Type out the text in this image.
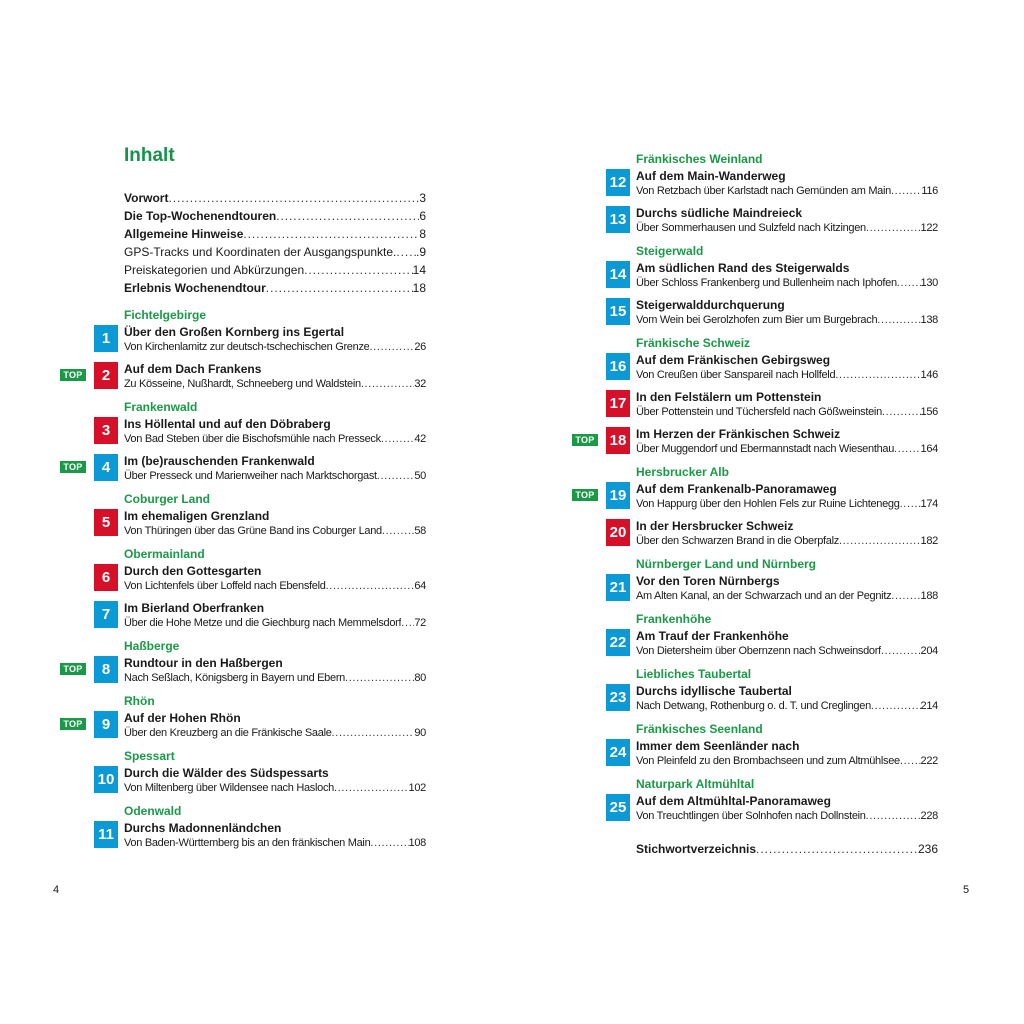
Inhalt
Vorwort . . .	3
Die Top-Wochenendtouren . . .	6
Allgemeine Hinweise . . .	8
GPS-Tracks und Koordinaten der Ausgangspunkte. . . . .9
Preiskategorien und Abkürzungen . . .	14
Erlebnis Wochenendtour . . .	18
Fichtelgebirge
1	Über den Großen Kornberg ins Egertal
Von Kirchenlamitz zur deutsch-tschechischen Grenze . . .	26
TOP	2	Auf dem Dach Frankens
Zu Kösseine, Nußhardt, Schneeberg und Waldstein . . .	32
Frankenwald
3	Ins Höllental und auf den Döbraberg
Von Bad Steben über die Bischofsmühle nach Presseck . . .	42
TOP	4	Im (be)rauschenden Frankenwald
Über Presseck und Marienweiher nach Marktschorgast . . .	50
Coburger Land
5	Im ehemaligen Grenzland
Von Thüringen über das Grüne Band ins Coburger Land . . .	58
Obermainland
6	Durch den Gottesgarten
Von Lichtenfels über Loffeld nach Ebensfeld . . .	64
7	Im Bierland Oberfranken
Über die Hohe Metze und die Giechburg nach Memmelsdorf . . . 72
Haßberge
TOP	8	Rundtour in den Haßbergen
Nach Seßlach, Königsberg in Bayern und Ebern . . .	80
Rhön
TOP	9	Auf der Hohen Rhön
Über den Kreuzberg an die Fränkische Saale . . .	90
Spessart
10 Durch die Wälder des Südspessarts
Von Miltenberg über Wildensee nach Hasloch . . .	102
Odenwald
11 Durchs Madonnenländchen
Von Baden-Württemberg bis an den fränkischen Main . . .	108
Fränkisches Weinland
12 Auf dem Main-Wanderweg
Von Retzbach über Karlstadt nach Gemünden am Main . . .	116
13 Durchs südliche Maindreieck
Über Sommerhausen und Sulzfeld nach Kitzingen . . .	122
Steigerwald
14 Am südlichen Rand des Steigerwalds
Über Schloss Frankenberg und Bullenheim nach Iphofen . . . 130
15 Steigerwalddurchquerung
Vom Wein bei Gerolzhofen zum Bier um Burgebrach . . .	138
Fränkische Schweiz
16 Auf dem Fränkischen Gebirgsweg
Von Creußen über Sanspareil nach Hollfeld . . .	146
17 In den Felstälern um Pottenstein
Über Pottenstein und Tüchersfeld nach Gößweinstein . . .	156
TOP 18 Im Herzen der Fränkischen Schweiz
Über Muggendorf und Ebermannstadt nach Wiesenthau . . . 164
Hersbrucker Alb
TOP 19 Auf dem Frankenalb-Panoramaweg
Von Happurg über den Hohlen Fels zur Ruine Lichtenegg . . . 174
20 In der Hersbrucker Schweiz
Über den Schwarzen Brand in die Oberpfalz . . .	182
Nürnberger Land und Nürnberg
21 Vor den Toren Nürnbergs
Am Alten Kanal, an der Schwarzach und an der Pegnitz . . .	188
Frankenhöhe
22 Am Trauf der Frankenhöhe
Von Dietersheim über Obernzenn nach Schweinsdorf . . .	204
Liebliches Taubertal
23 Durchs idyllische Taubertal
Nach Detwang, Rothenburg o. d. T. und Creglingen . . .	214
Fränkisches Seenland
24 Immer dem Seenländer nach
Von Pleinfeld zu den Brombachseen und zum Altmühlsee . . . 222
Naturpark Altmühltal
25 Auf dem Altmühltal-Panoramaweg
Von Treuchtlingen über Solnhofen nach Dollnstein . . .	228
Stichwortverzeichnis . . .	236
4	5
